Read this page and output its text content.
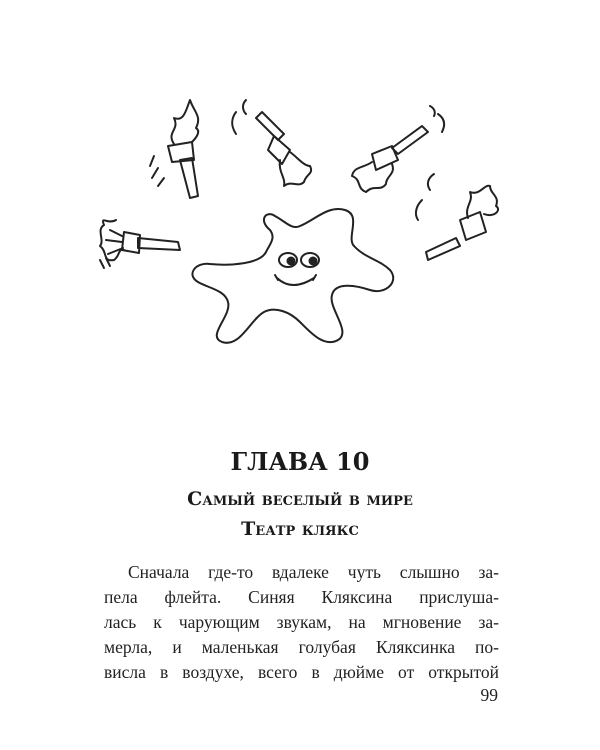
ГЛАВА 10
Самый веселый в мире
Театр клякс
Сначала где-то вдалеке чуть слышно за-
пела флейта. Синяя Кляксина прислуша-
лась к чарующим звукам, на мгновение за-
мерла, и маленькая голубая Кляксинка по-
висла в воздухе, всего в дюйме от открытой
99
